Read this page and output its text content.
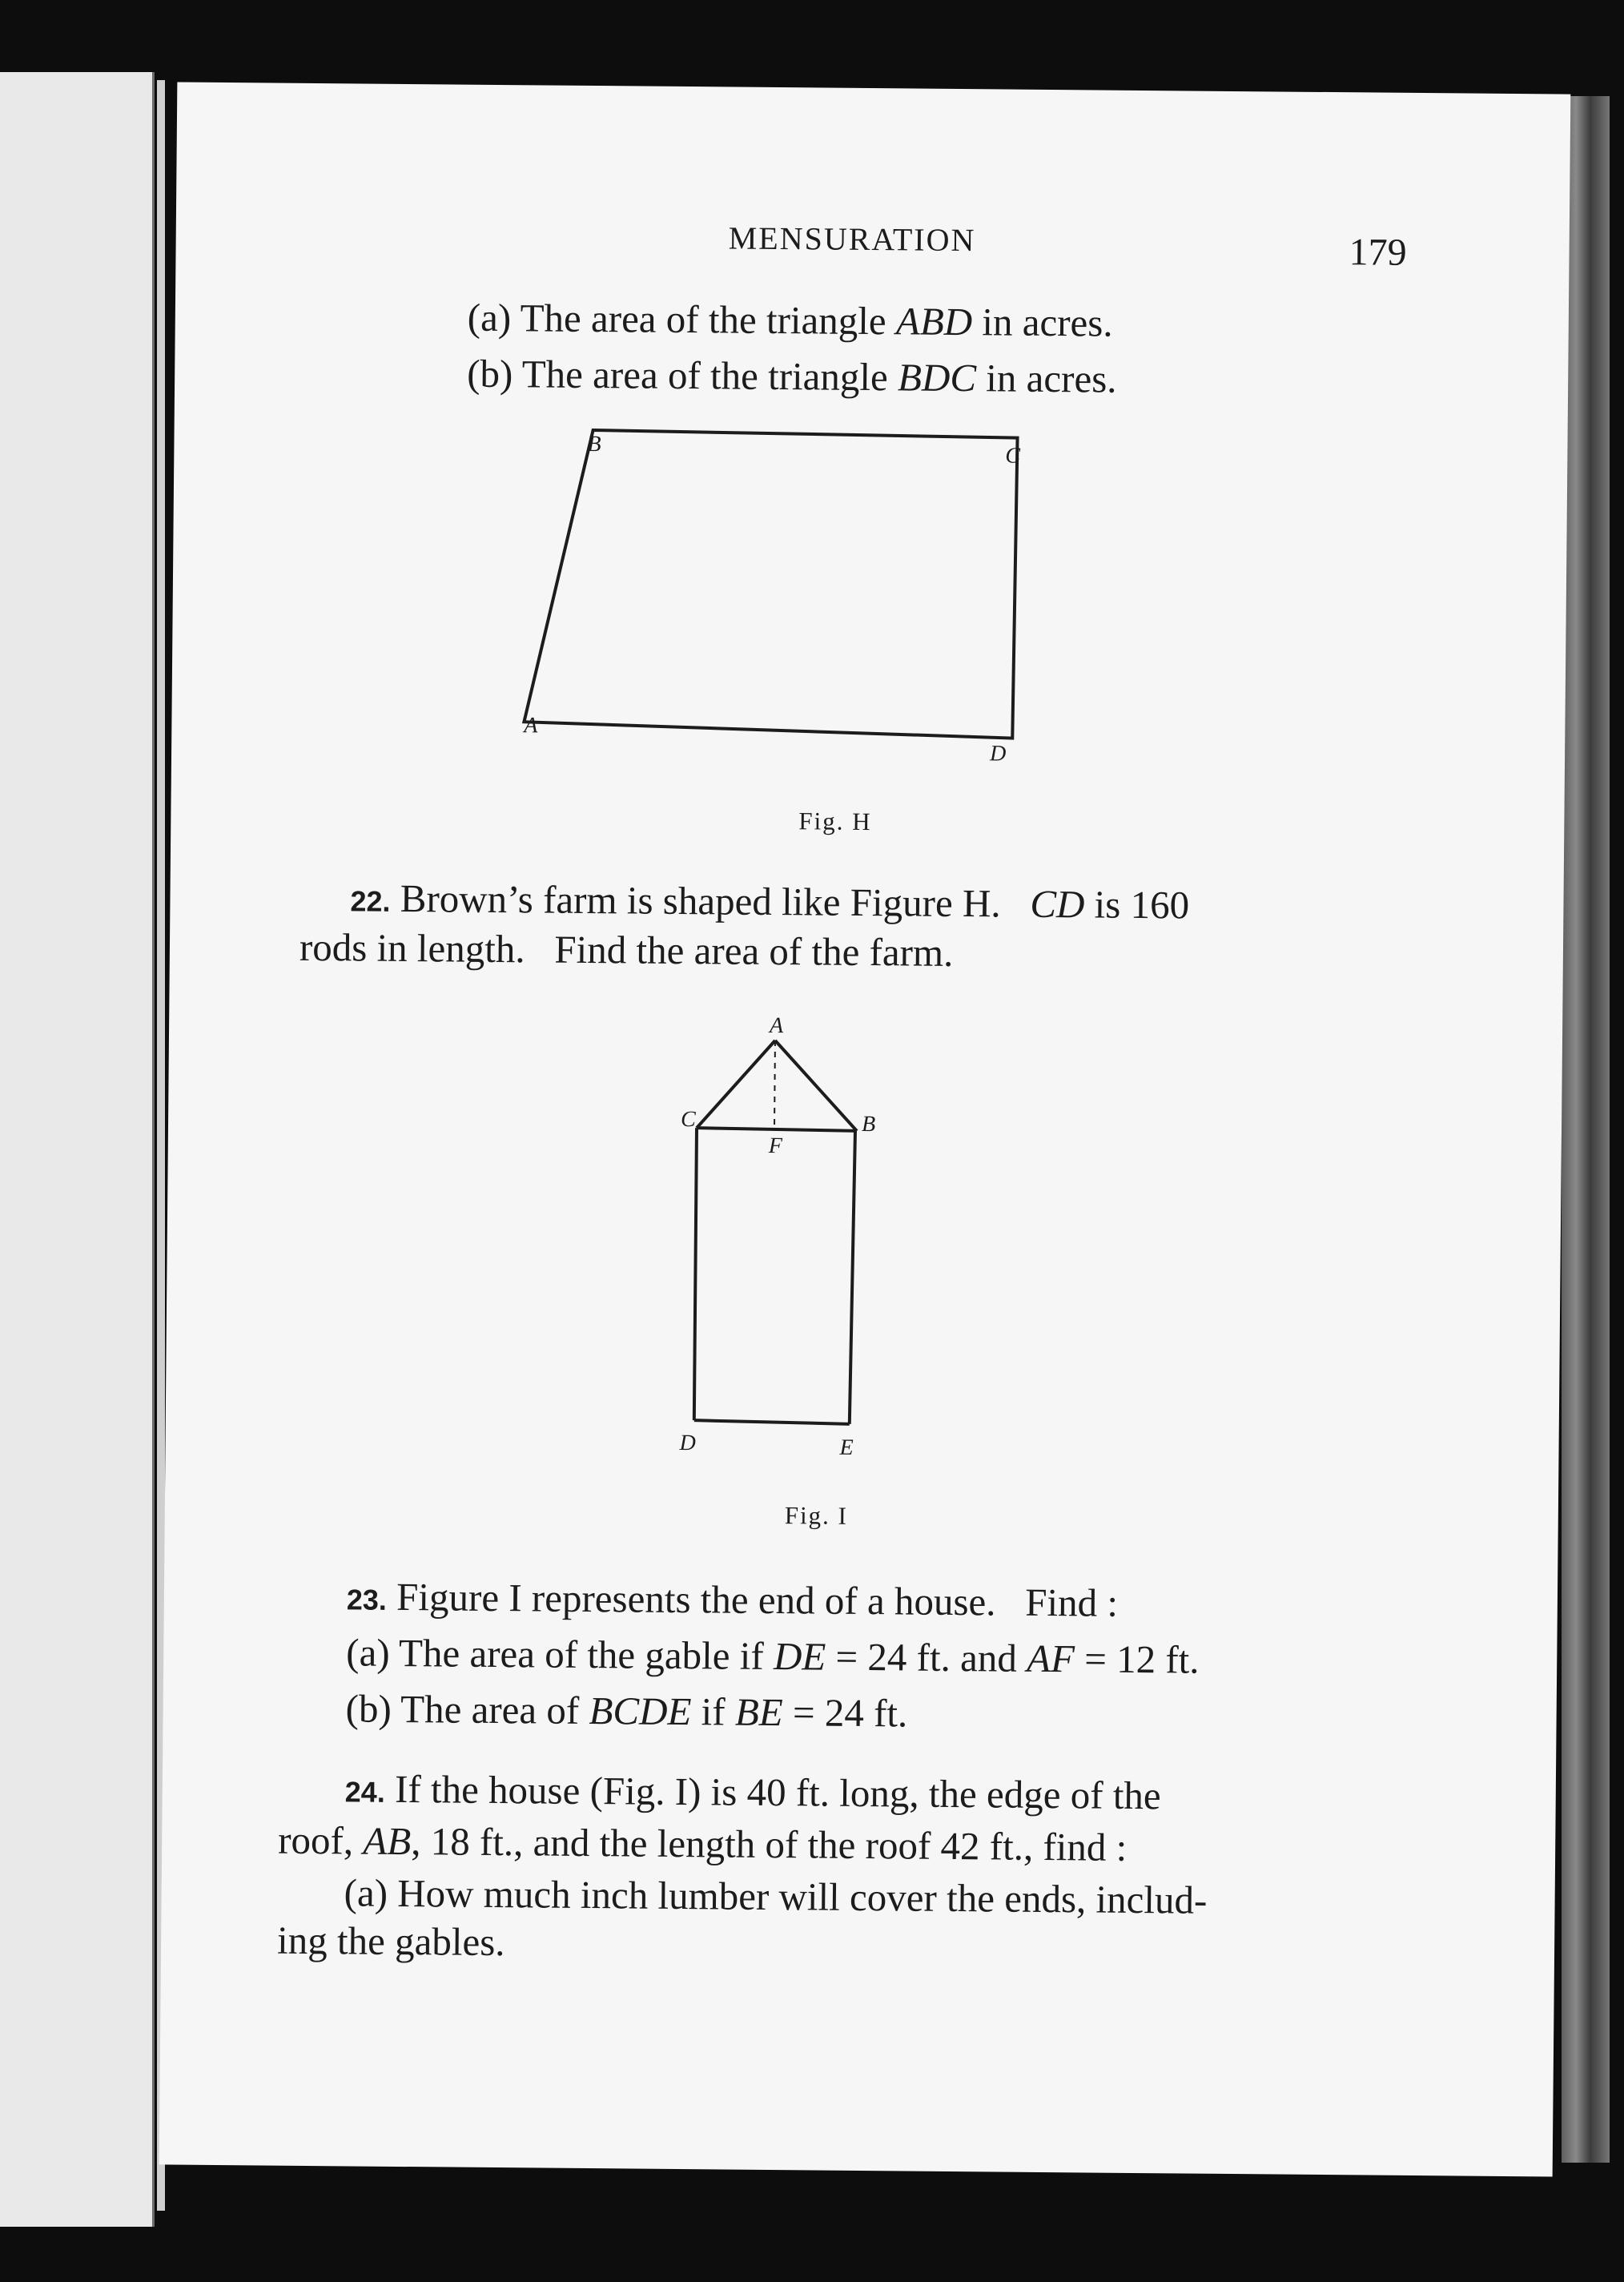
MENSURATION	179
(a) The area of the triangle ABD in acres.
(b) The area of the triangle BDC in acres.
B	C
A
D
Fig. H
22. Brown’s farm is shaped like Figure H. CD is 160
rods in length.   Find the area of the farm.
A
C	B
F
D	E
Fig. I
23. Figure I represents the end of a house.   Find :
(a) The area of the gable if DE = 24 ft. and AF = 12 ft.
(b) The area of BCDE if BE = 24 ft.
24. If the house (Fig. I) is 40 ft. long, the edge of the
roof, AB, 18 ft., and the length of the roof 42 ft., find :
(a) How much inch lumber will cover the ends, includ-
ing the gables.
